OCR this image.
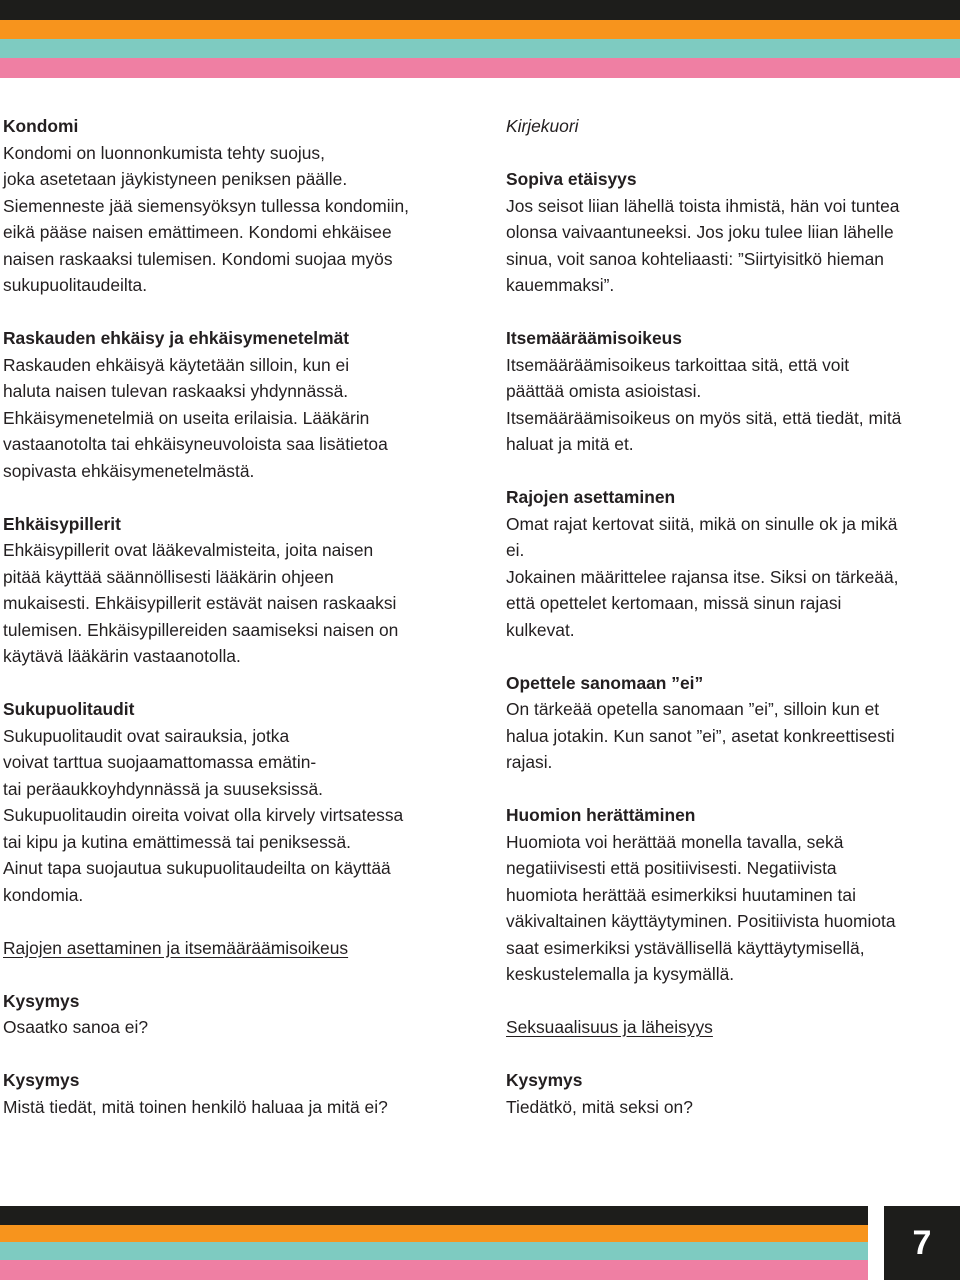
Kondomi
Kondomi on luonnonkumista tehty suojus,
joka asetetaan jäykistyneen peniksen päälle.
Siemenneste jää siemensyöksyn tullessa kondomiin,
eikä pääse naisen emättimeen. Kondomi ehkäisee
naisen raskaaksi tulemisen. Kondomi suojaa myös
sukupuolitaudeilta.
Raskauden ehkäisy ja ehkäisymenetelmät
Raskauden ehkäisyä käytetään silloin, kun ei
haluta naisen tulevan raskaaksi yhdynnässä.
Ehkäisymenetelmiä on useita erilaisia. Lääkärin
vastaanotolta tai ehkäisyneuvoloista saa lisätietoa
sopivasta ehkäisymenetelmästä.
Ehkäisypillerit
Ehkäisypillerit ovat lääkevalmisteita, joita naisen
pitää käyttää säännöllisesti lääkärin ohjeen
mukaisesti. Ehkäisypillerit estävät naisen raskaaksi
tulemisen. Ehkäisypillereiden saamiseksi naisen on
käytävä lääkärin vastaanotolla.
Sukupuolitaudit
Sukupuolitaudit ovat sairauksia, jotka
voivat tarttua suojaamattomassa emätin-
tai peräaukkoyhdynnässä ja suuseksissä.
Sukupuolitaudin oireita voivat olla kirvely virtsatessa
tai kipu ja kutina emättimessä tai peniksessä.
Ainut tapa suojautua sukupuolitaudeilta on käyttää
kondomia.
Rajojen asettaminen ja itsemääräämisoikeus
Kysymys
Osaatko sanoa ei?
Kysymys
Mistä tiedät, mitä toinen henkilö haluaa ja mitä ei?
Kirjekuori
Sopiva etäisyys
Jos seisot liian lähellä toista ihmistä, hän voi tuntea
olonsa vaivaantuneeksi. Jos joku tulee liian lähelle
sinua, voit sanoa kohteliaasti: ”Siirtyisitkö hieman
kauemmaksi”.
Itsemääräämisoikeus
Itsemääräämisoikeus tarkoittaa sitä, että voit
päättää omista asioistasi.
Itsemääräämisoikeus on myös sitä, että tiedät, mitä
haluat ja mitä et.
Rajojen asettaminen
Omat rajat kertovat siitä, mikä on sinulle ok ja mikä
ei.
Jokainen määrittelee rajansa itse. Siksi on tärkeää,
että opettelet kertomaan, missä sinun rajasi
kulkevat.
Opettele sanomaan ”ei”
On tärkeää opetella sanomaan ”ei”, silloin kun et
halua jotakin. Kun sanot ”ei”, asetat konkreettisesti
rajasi.
Huomion herättäminen
Huomiota voi herättää monella tavalla, sekä
negatiivisesti että positiivisesti. Negatiivista
huomiota herättää esimerkiksi huutaminen tai
väkivaltainen käyttäytyminen. Positiivista huomiota
saat esimerkiksi ystävällisellä käyttäytymisellä,
keskustelemalla ja kysymällä.
Seksuaalisuus ja läheisyys
Kysymys
Tiedätkö, mitä seksi on?
7
